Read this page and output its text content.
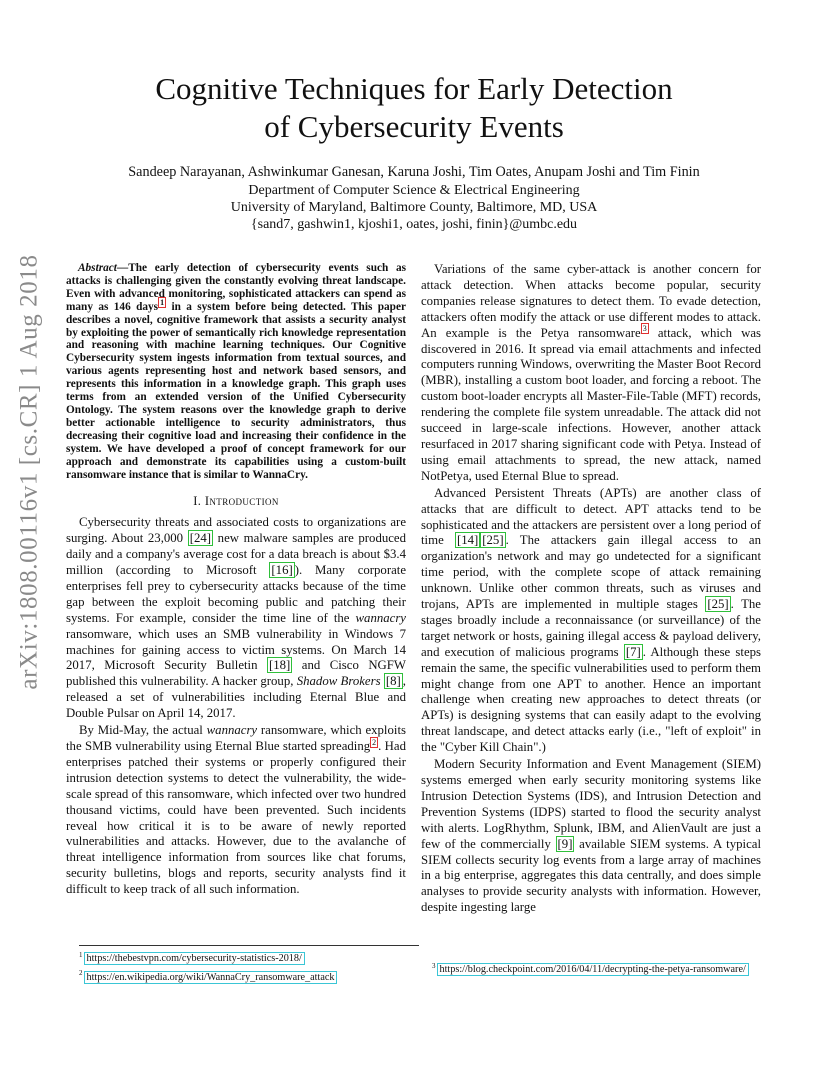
arXiv:1808.00116v1 [cs.CR] 1 Aug 2018
Cognitive Techniques for Early Detection
of Cybersecurity Events
Sandeep Narayanan, Ashwinkumar Ganesan, Karuna Joshi, Tim Oates, Anupam Joshi and Tim Finin
Department of Computer Science & Electrical Engineering
University of Maryland, Baltimore County, Baltimore, MD, USA
{sand7, gashwin1, kjoshi1, oates, joshi, finin}@umbc.edu

Abstract—The early detection of cybersecurity events such as attacks is challenging given the constantly evolving threat landscape. Even with advanced monitoring, sophisticated attackers can spend as many as 146 days $^1$ in a system before being detected. This paper describes a novel, cognitive framework that assists a security analyst by exploiting the power of semantically rich knowledge representation and reasoning with machine learning techniques. Our Cognitive Cybersecurity system ingests information from textual sources, and various agents representing host and network based sensors, and represents this information in a knowledge graph. This graph uses terms from an extended version of the Unified Cybersecurity Ontology. The system reasons over the knowledge graph to derive better actionable intelligence to security administrators, thus decreasing their cognitive load and increasing their confidence in the system. We have developed a proof of concept framework for our approach and demonstrate its capabilities using a custom-built ransomware instance that is similar to WannaCry.

I. Introduction

Cybersecurity threats and associated costs to organizations are surging. About 23,000 [24] new malware samples are produced daily and a company's average cost for a data breach is about $3.4 million (according to Microsoft [16] ). Many corporate enterprises fell prey to cybersecurity attacks because of the time gap between the exploit becoming public and patching their systems. For example, consider the time line of the wannacry ransomware, which uses an SMB vulnerability in Windows 7 machines for gaining access to victim systems. On March 14 2017, Microsoft Security Bulletin [18] and Cisco NGFW published this vulnerability. A hacker group, Shadow Brokers [8] , released a set of vulnerabilities including Eternal Blue and Double Pulsar on April 14, 2017.

By Mid-May, the actual wannacry ransomware, which exploits the SMB vulnerability using Eternal Blue started spreading $^2$ . Had enterprises patched their systems or properly configured their intrusion detection systems to detect the vulnerability, the wide-scale spread of this ransomware, which infected over two hundred thousand victims, could have been prevented. Such incidents reveal how critical it is to be aware of newly reported vulnerabilities and attacks. However, due to the avalanche of threat intelligence information from sources like chat forums, security bulletins, blogs and reports, security analysts find it difficult to keep track of all such information.

Variations of the same cyber-attack is another concern for attack detection. When attacks become popular, security companies release signatures to detect them. To evade detection, attackers often modify the attack or use different modes to attack. An example is the Petya ransomware $^3$ attack, which was discovered in 2016. It spread via email attachments and infected computers running Windows, overwriting the Master Boot Record (MBR), installing a custom boot loader, and forcing a reboot. The custom boot-loader encrypts all Master-File-Table (MFT) records, rendering the complete file system unreadable. The attack did not succeed in large-scale infections. However, another attack resurfaced in 2017 sharing significant code with Petya. Instead of using email attachments to spread, the new attack, named NotPetya, used Eternal Blue to spread.

Advanced Persistent Threats (APTs) are another class of attacks that are difficult to detect. APT attacks tend to be sophisticated and the attackers are persistent over a long period of time [14] [25] . The attackers gain illegal access to an organization's network and may go undetected for a significant time period, with the complete scope of attack remaining unknown. Unlike other common threats, such as viruses and trojans, APTs are implemented in multiple stages [25] . The stages broadly include a reconnaissance (or surveillance) of the target network or hosts, gaining illegal access & payload delivery, and execution of malicious programs [7] . Although these steps remain the same, the specific vulnerabilities used to perform them might change from one APT to another. Hence an important challenge when creating new approaches to detect threats (or APTs) is designing systems that can easily adapt to the evolving threat landscape, and detect attacks early (i.e., "left of exploit" in the "Cyber Kill Chain".)

Modern Security Information and Event Management (SIEM) systems emerged when early security monitoring systems like Intrusion Detection Systems (IDS), and Intrusion Detection and Prevention Systems (IDPS) started to flood the security analyst with alerts. LogRhythm, Splunk, IBM, and AlienVault are just a few of the commercially [9] available SIEM systems. A typical SIEM collects security log events from a large array of machines in a big enterprise, aggregates this data centrally, and does simple analyses to provide security analysts with information. However, despite ingesting large

$^1$ https://thebestvpn.com/cybersecurity-statistics-2018/
$^2$ https://en.wikipedia.org/wiki/WannaCry_ransomware_attack
$^3$ https://blog.checkpoint.com/2016/04/11/decrypting-the-petya-ransomware/
